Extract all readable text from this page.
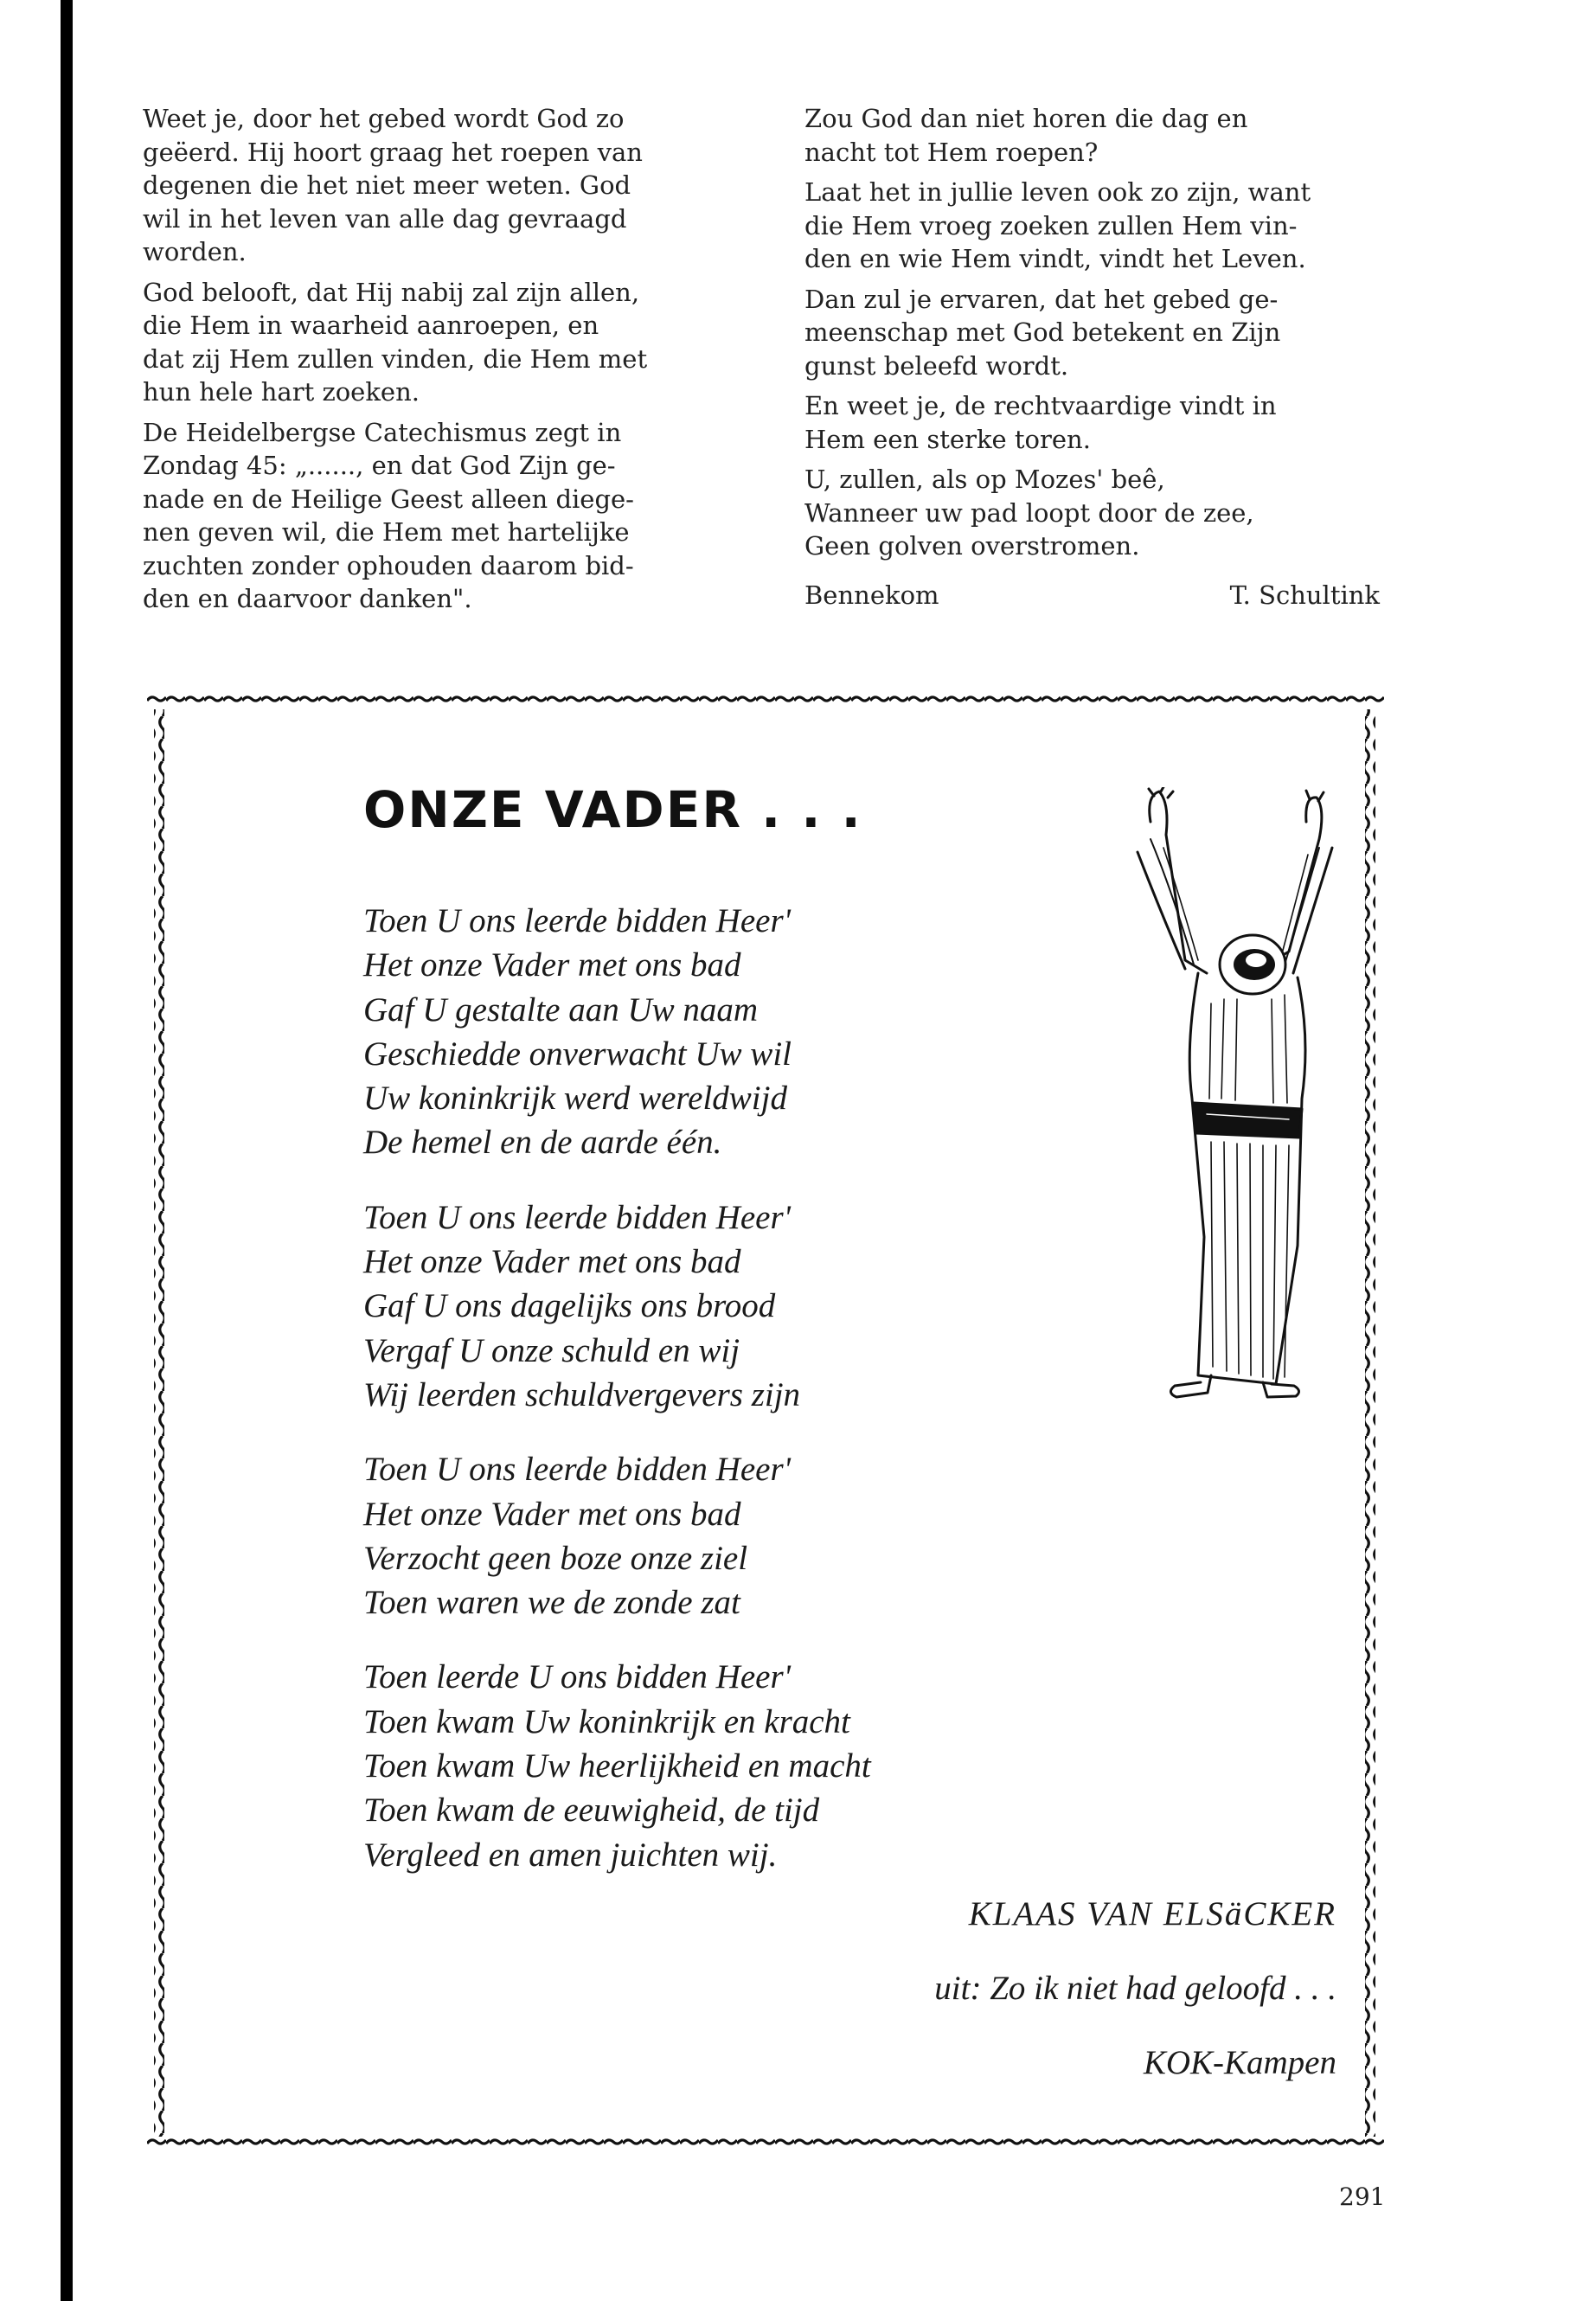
Weet je, door het gebed wordt God zo
geëerd. Hij hoort graag het roepen van
degenen die het niet meer weten. God
wil in het leven van alle dag gevraagd
worden.

God belooft, dat Hij nabij zal zijn allen,
die Hem in waarheid aanroepen, en
dat zij Hem zullen vinden, die Hem met
hun hele hart zoeken.

De Heidelbergse Catechismus zegt in
Zondag 45: „......, en dat God Zijn ge-
nade en de Heilige Geest alleen diege-
nen geven wil, die Hem met hartelijke
zuchten zonder ophouden daarom bid-
den en daarvoor danken".

Zou God dan niet horen die dag en
nacht tot Hem roepen?

Laat het in jullie leven ook zo zijn, want
die Hem vroeg zoeken zullen Hem vin-
den en wie Hem vindt, vindt het Leven.

Dan zul je ervaren, dat het gebed ge-
meenschap met God betekent en Zijn
gunst beleefd wordt.

En weet je, de rechtvaardige vindt in
Hem een sterke toren.

U, zullen, als op Mozes' beê,
Wanneer uw pad loopt door de zee,
Geen golven overstromen.
Bennekom	T. Schultink
ONZE VADER . . .
Toen U ons leerde bidden Heer'
Het onze Vader met ons bad
Gaf U gestalte aan Uw naam
Geschiedde onverwacht Uw wil
Uw koninkrijk werd wereldwijd
De hemel en de aarde één.
Toen U ons leerde bidden Heer'
Het onze Vader met ons bad
Gaf U ons dagelijks ons brood
Vergaf U onze schuld en wij
Wij leerden schuldvergevers zijn
Toen U ons leerde bidden Heer'
Het onze Vader met ons bad
Verzocht geen boze onze ziel
Toen waren we de zonde zat
Toen leerde U ons bidden Heer'
Toen kwam Uw koninkrijk en kracht
Toen kwam Uw heerlijkheid en macht
Toen kwam de eeuwigheid, de tijd
Vergleed en amen juichten wij.
KLAAS VAN ELSäCKER
uit: Zo ik niet had geloofd . . .
KOK-Kampen
291
